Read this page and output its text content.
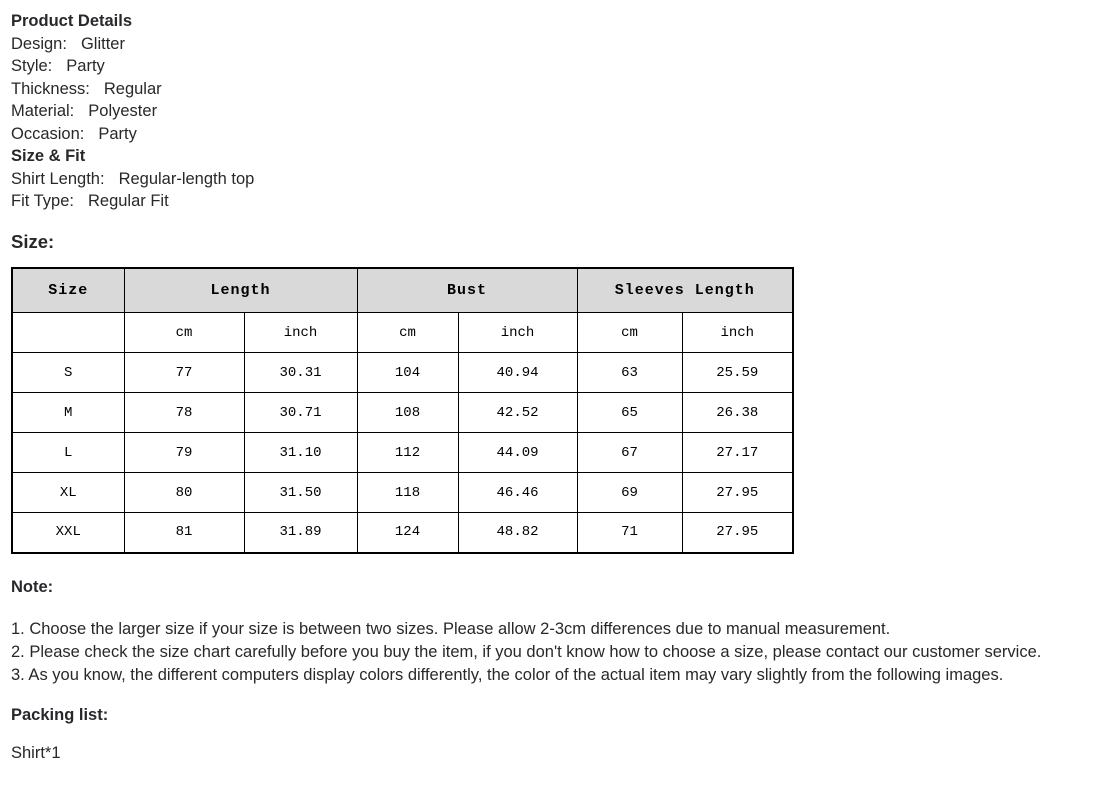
Product Details
Design: Glitter
Style: Party
Thickness: Regular
Material: Polyester
Occasion: Party
Size & Fit
Shirt Length: Regular-length top
Fit Type: Regular Fit
Size:
Size	Length		Bust		Sleeves Length	
	cm	inch	cm	inch	cm	inch
S	77	30.31	104	40.94	63	25.59
M	78	30.71	108	42.52	65	26.38
L	79	31.10	112	44.09	67	27.17
XL	80	31.50	118	46.46	69	27.95
XXL	81	31.89	124	48.82	71	27.95
Note:
1. Choose the larger size if your size is between two sizes. Please allow 2-3cm differences due to manual measurement.
2. Please check the size chart carefully before you buy the item, if you don't know how to choose a size, please contact our customer service.
3. As you know, the different computers display colors differently, the color of the actual item may vary slightly from the following images.
Packing list:
Shirt*1
